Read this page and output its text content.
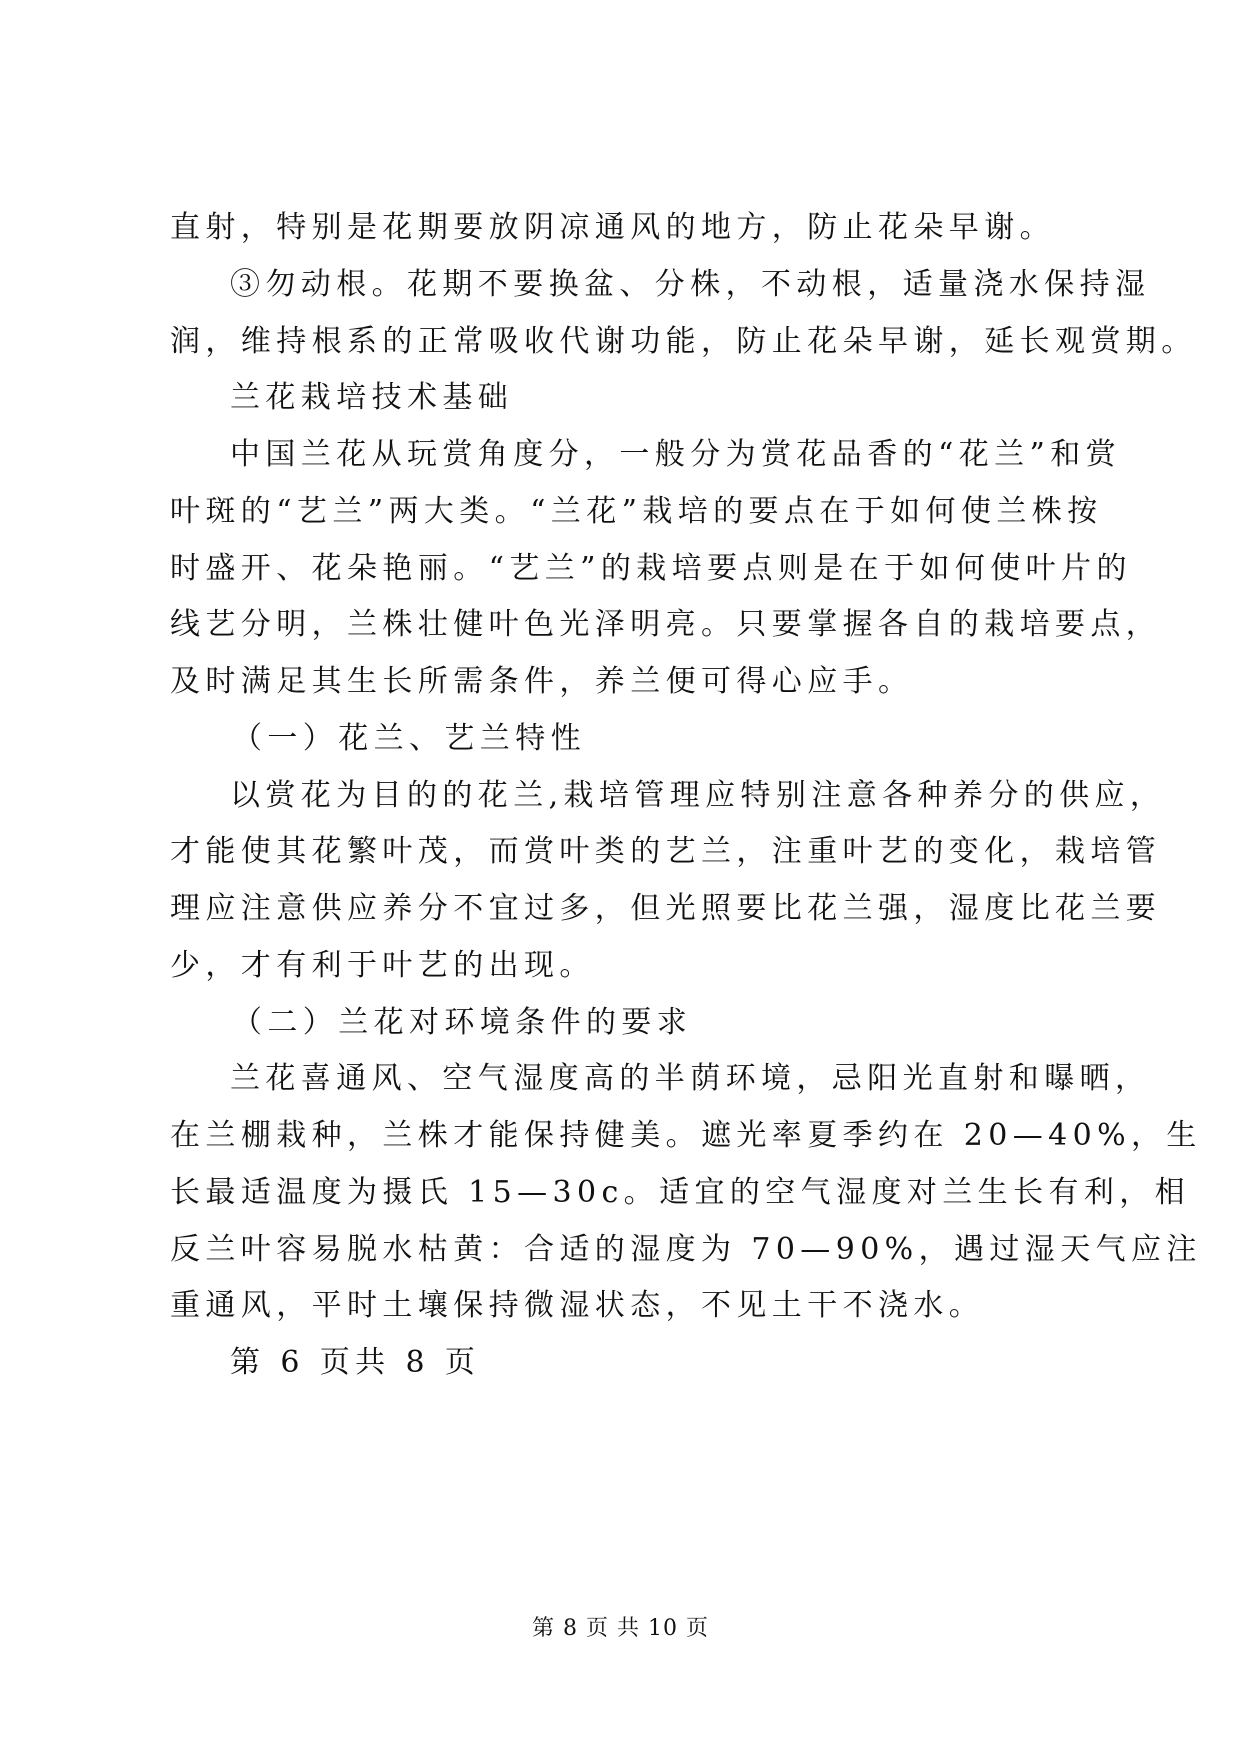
直射，特别是花期要放阴凉通风的地方，防止花朵早谢。
③勿动根。花期不要换盆、分株，不动根，适量浇水保持湿
润，维持根系的正常吸收代谢功能，防止花朵早谢，延长观赏期。
兰花栽培技术基础
中国兰花从玩赏角度分，一般分为赏花品香的“花兰”和赏
叶斑的“艺兰”两大类。“兰花”栽培的要点在于如何使兰株按
时盛开、花朵艳丽。“艺兰”的栽培要点则是在于如何使叶片的
线艺分明，兰株壮健叶色光泽明亮。只要掌握各自的栽培要点，
及时满足其生长所需条件，养兰便可得心应手。
（一）花兰、艺兰特性
以赏花为目的的花兰,栽培管理应特别注意各种养分的供应，
才能使其花繁叶茂，而赏叶类的艺兰，注重叶艺的变化，栽培管
理应注意供应养分不宜过多，但光照要比花兰强，湿度比花兰要
少，才有利于叶艺的出现。
（二）兰花对环境条件的要求
兰花喜通风、空气湿度高的半荫环境，忌阳光直射和曝晒，
在兰棚栽种，兰株才能保持健美。遮光率夏季约在 20—40%，生
长最适温度为摄氏 15—30c。适宜的空气湿度对兰生长有利，相
反兰叶容易脱水枯黄：合适的湿度为 70—90%，遇过湿天气应注
重通风，平时土壤保持微湿状态，不见土干不浇水。
第 6 页共 8 页
第 8 页 共 10 页
